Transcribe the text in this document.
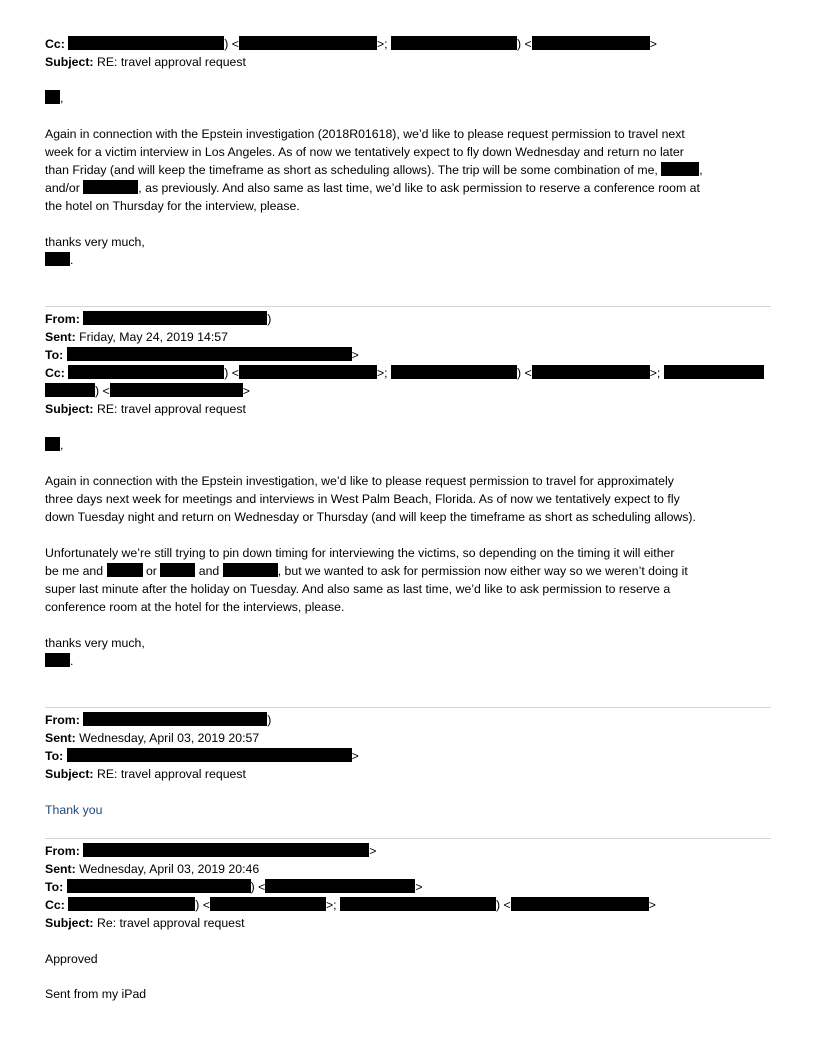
Cc:	) <	>;	) <	>
Subject: RE: travel approval request
,
Again in connection with the Epstein investigation (2018R01618), we’d like to please request permission to travel next
week for a victim interview in Los Angeles. As of now we tentatively expect to fly down Wednesday and return no later
than Friday (and will keep the timeframe as short as scheduling allows). The trip will be some combination of me,	,
and/or	, as previously. And also same as last time, we’d like to ask permission to reserve a conference room at
the hotel on Thursday for the interview, please.
thanks very much,
.
From:	)
Sent: Friday, May 24, 2019 14:57
To:	>
Cc:	) <	>;	) <	>;
) <	>
Subject: RE: travel approval request
,
Again in connection with the Epstein investigation, we’d like to please request permission to travel for approximately
three days next week for meetings and interviews in West Palm Beach, Florida. As of now we tentatively expect to fly
down Tuesday night and return on Wednesday or Thursday (and will keep the timeframe as short as scheduling allows).
Unfortunately we’re still trying to pin down timing for interviewing the victims, so depending on the timing it will either
be me and	or	and	, but we wanted to ask for permission now either way so we weren’t doing it
super last minute after the holiday on Tuesday. And also same as last time, we’d like to ask permission to reserve a
conference room at the hotel for the interviews, please.
thanks very much,
.
From:	)
Sent: Wednesday, April 03, 2019 20:57
To:	>
Subject: RE: travel approval request
Thank you
From:	>
Sent: Wednesday, April 03, 2019 20:46
To:	) <	>
Cc:	) <	>;	) <	>
Subject: Re: travel approval request
Approved
Sent from my iPad
